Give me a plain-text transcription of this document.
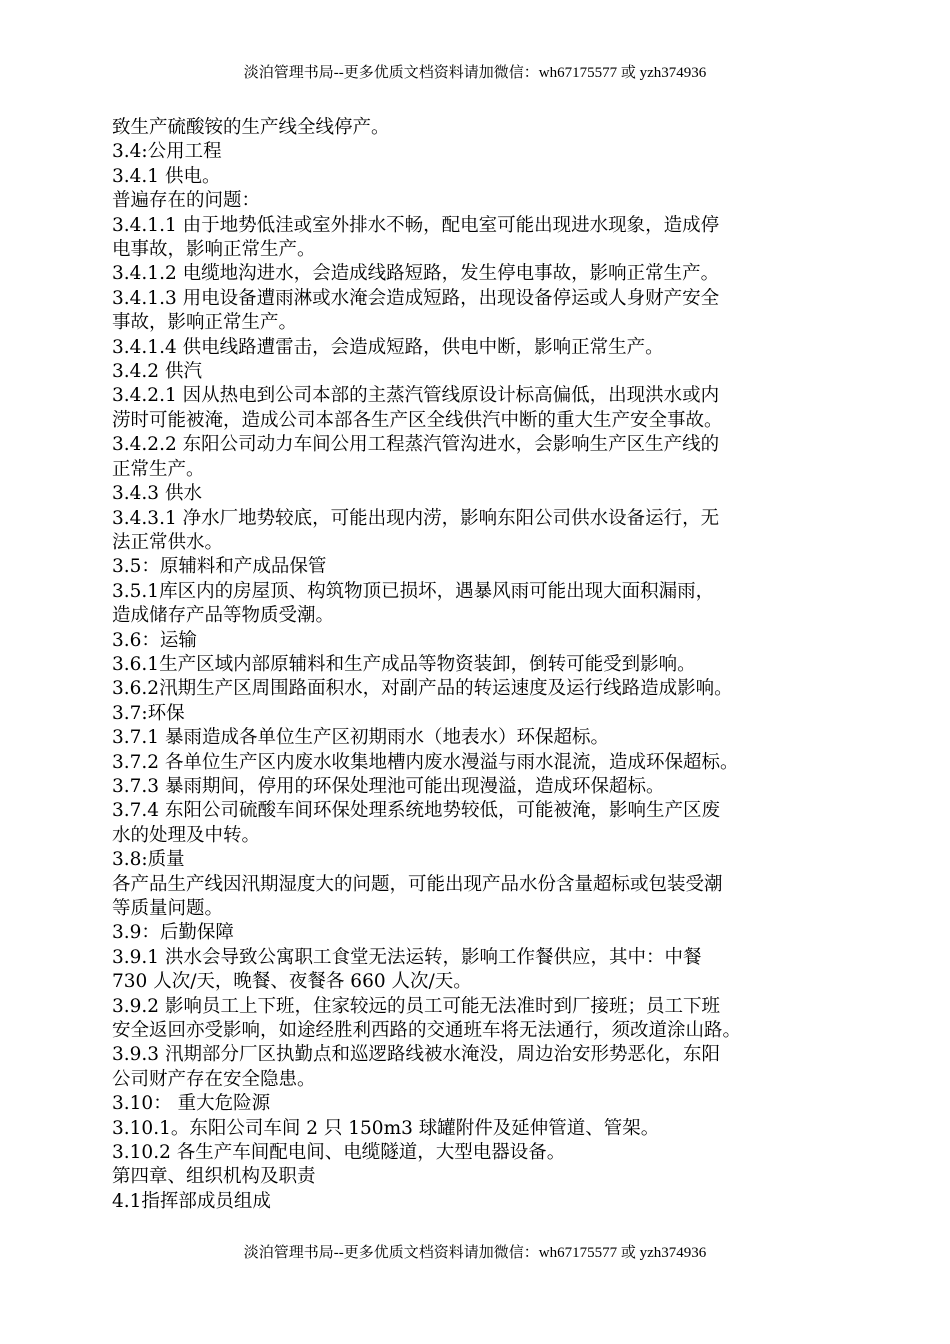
淡泊管理书局--更多优质文档资料请加微信：wh67175577 或 yzh374936
致生产硫酸铵的生产线全线停产。
3.4:公用工程
3.4.1 供电。
普遍存在的问题：
3.4.1.1 由于地势低洼或室外排水不畅，配电室可能出现进水现象，造成停
电事故，影响正常生产。
3.4.1.2 电缆地沟进水，会造成线路短路，发生停电事故，影响正常生产。
3.4.1.3 用电设备遭雨淋或水淹会造成短路，出现设备停运或人身财产安全
事故，影响正常生产。
3.4.1.4 供电线路遭雷击，会造成短路，供电中断，影响正常生产。
3.4.2 供汽
3.4.2.1 因从热电到公司本部的主蒸汽管线原设计标高偏低，出现洪水或内
涝时可能被淹，造成公司本部各生产区全线供汽中断的重大生产安全事故。
3.4.2.2 东阳公司动力车间公用工程蒸汽管沟进水，会影响生产区生产线的
正常生产。
3.4.3 供水
3.4.3.1 净水厂地势较底，可能出现内涝，影响东阳公司供水设备运行，无
法正常供水。
3.5：原辅料和产成品保管
3.5.1库区内的房屋顶、构筑物顶已损坏，遇暴风雨可能出现大面积漏雨，
造成储存产品等物质受潮。
3.6：运输
3.6.1生产区域内部原辅料和生产成品等物资装卸，倒转可能受到影响。
3.6.2汛期生产区周围路面积水，对副产品的转运速度及运行线路造成影响。
3.7:环保
3.7.1 暴雨造成各单位生产区初期雨水（地表水）环保超标。
3.7.2 各单位生产区内废水收集地槽内废水漫溢与雨水混流，造成环保超标。
3.7.3 暴雨期间，停用的环保处理池可能出现漫溢，造成环保超标。
3.7.4 东阳公司硫酸车间环保处理系统地势较低，可能被淹，影响生产区废
水的处理及中转。
3.8:质量
各产品生产线因汛期湿度大的问题，可能出现产品水份含量超标或包装受潮
等质量问题。
3.9：后勤保障
3.9.1 洪水会导致公寓职工食堂无法运转，影响工作餐供应，其中：中餐
730 人次/天，晚餐、夜餐各 660 人次/天。
3.9.2 影响员工上下班，住家较远的员工可能无法准时到厂接班；员工下班
安全返回亦受影响，如途经胜利西路的交通班车将无法通行，须改道涂山路。
3.9.3 汛期部分厂区执勤点和巡逻路线被水淹没，周边治安形势恶化，东阳
公司财产存在安全隐患。
3.10： 重大危险源
3.10.1。东阳公司车间 2 只 150m3 球罐附件及延伸管道、管架。
3.10.2 各生产车间配电间、电缆隧道，大型电器设备。
第四章、组织机构及职责
4.1指挥部成员组成
淡泊管理书局--更多优质文档资料请加微信：wh67175577 或 yzh374936
